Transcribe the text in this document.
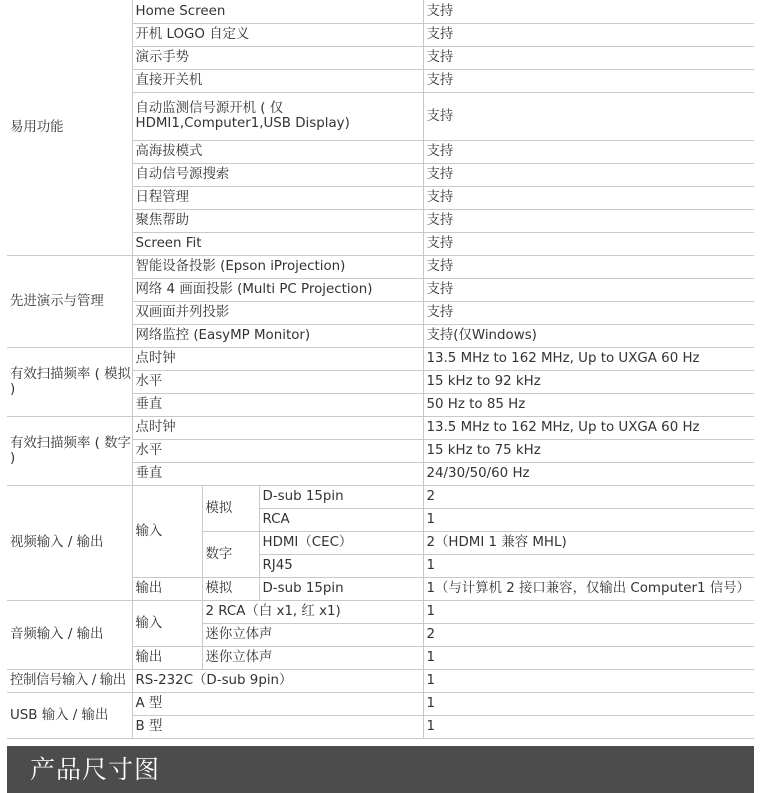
易用功能	Home Screen			支持
	开机 LOGO 自定义			支持
	演示手势			支持
	直接开关机			支持
	自动监测信号源开机 ( 仅 HDMI1,Computer1,USB Display)			支持
	高海拔模式			支持
	自动信号源搜索			支持
	日程管理			支持
	聚焦帮助			支持
	Screen Fit			支持
先进演示与管理	智能设备投影 (Epson iProjection)			支持
	网络 4 画面投影 (Multi PC Projection)			支持
	双画面并列投影			支持
	网络监控 (EasyMP Monitor)			支持(仅Windows)
有效扫描频率 ( 模拟 )	点时钟			13.5 MHz to 162 MHz, Up to UXGA 60 Hz
	水平			15 kHz to 92 kHz
	垂直			50 Hz to 85 Hz
有效扫描频率 ( 数字 )	点时钟			13.5 MHz to 162 MHz, Up to UXGA 60 Hz
	水平			15 kHz to 75 kHz
	垂直			24/30/50/60 Hz
视频输入 / 输出	输入	模拟	D-sub 15pin	2
			RCA	1
		数字	HDMI（CEC）	2（HDMI 1 兼容 MHL)
			RJ45	1
	输出	模拟	D-sub 15pin	1（与计算机 2 接口兼容，仅输出 Computer1 信号）
音频输入 / 输出	输入	2 RCA（白 x1, 红 x1)		1
		迷你立体声		2
	输出	迷你立体声		1
控制信号输入 / 输出	RS-232C（D-sub 9pin）			1
USB 输入 / 输出	A 型			1
	B 型			1
产品尺寸图
